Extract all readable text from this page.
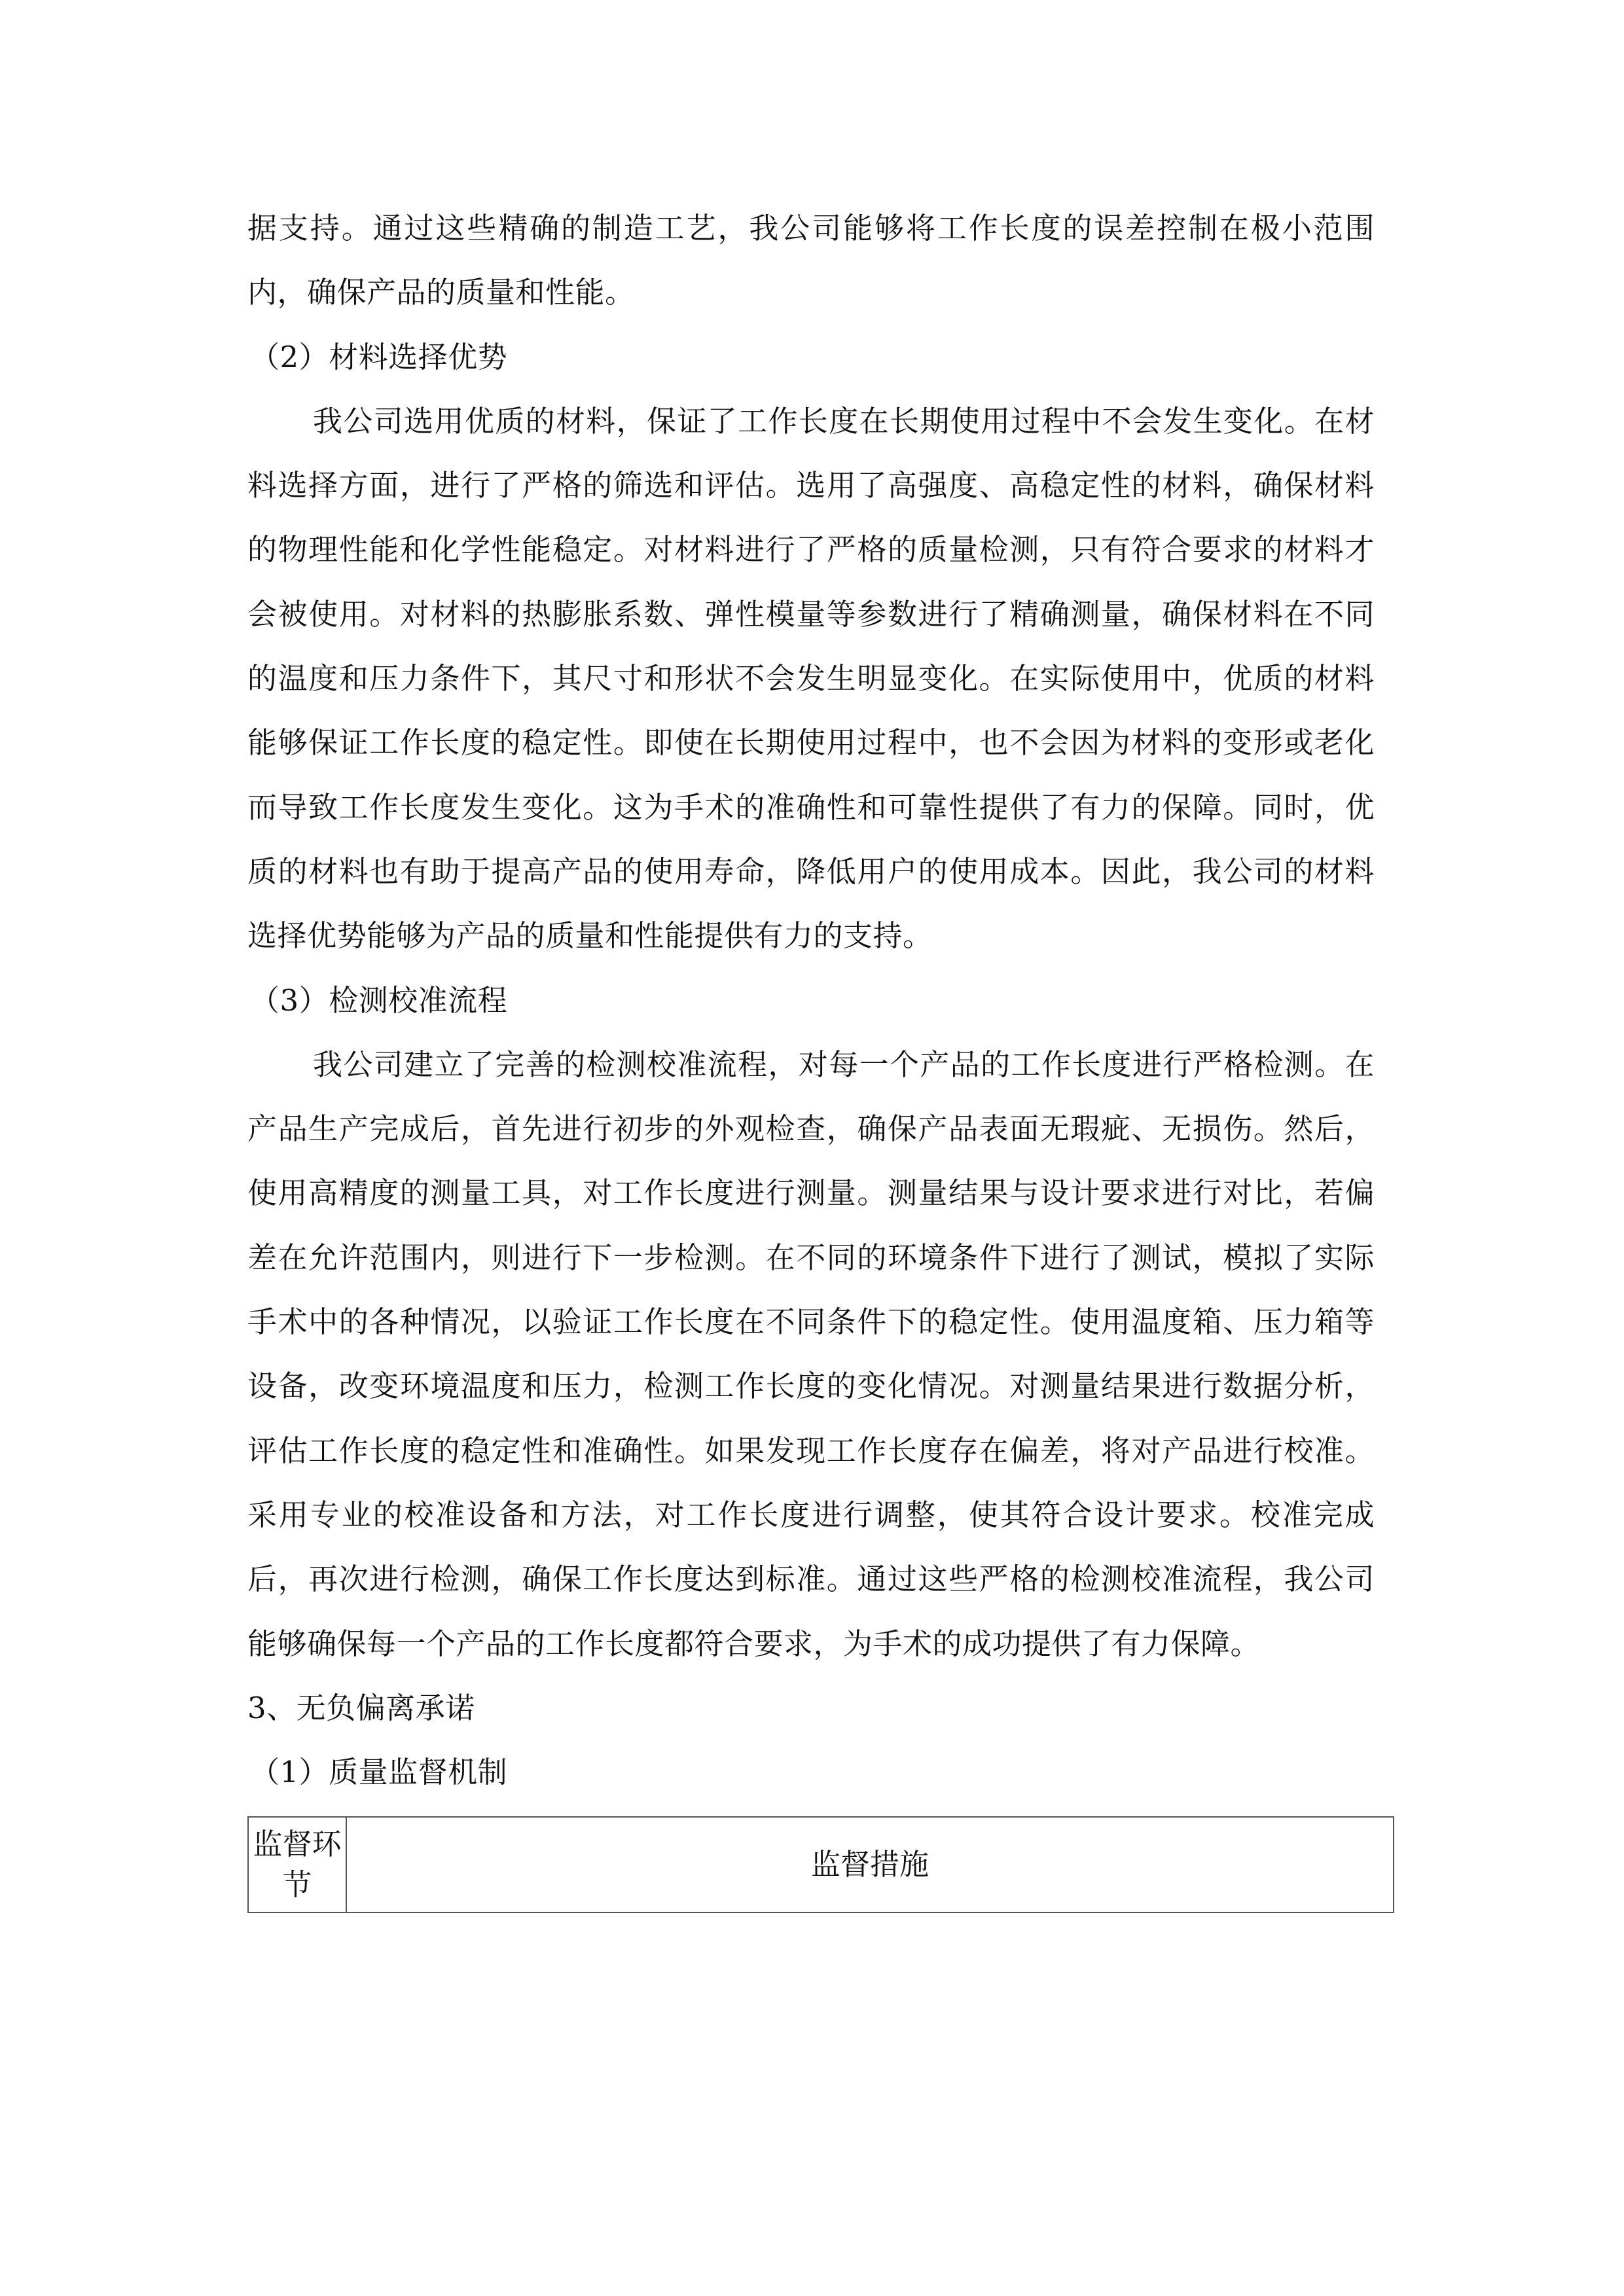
据支持。通过这些精确的制造工艺，我公司能够将工作长度的误差控制在极小范围内，确保产品的质量和性能。

（2）材料选择优势

我公司选用优质的材料，保证了工作长度在长期使用过程中不会发生变化。在材料选择方面，进行了严格的筛选和评估。选用了高强度、高稳定性的材料，确保材料的物理性能和化学性能稳定。对材料进行了严格的质量检测，只有符合要求的材料才会被使用。对材料的热膨胀系数、弹性模量等参数进行了精确测量，确保材料在不同的温度和压力条件下，其尺寸和形状不会发生明显变化。在实际使用中，优质的材料能够保证工作长度的稳定性。即使在长期使用过程中，也不会因为材料的变形或老化而导致工作长度发生变化。这为手术的准确性和可靠性提供了有力的保障。同时，优质的材料也有助于提高产品的使用寿命，降低用户的使用成本。因此，我公司的材料选择优势能够为产品的质量和性能提供有力的支持。

（3）检测校准流程

我公司建立了完善的检测校准流程，对每一个产品的工作长度进行严格检测。在产品生产完成后，首先进行初步的外观检查，确保产品表面无瑕疵、无损伤。然后，使用高精度的测量工具，对工作长度进行测量。测量结果与设计要求进行对比，若偏差在允许范围内，则进行下一步检测。在不同的环境条件下进行了测试，模拟了实际手术中的各种情况，以验证工作长度在不同条件下的稳定性。使用温度箱、压力箱等设备，改变环境温度和压力，检测工作长度的变化情况。对测量结果进行数据分析，评估工作长度的稳定性和准确性。如果发现工作长度存在偏差，将对产品进行校准。采用专业的校准设备和方法，对工作长度进行调整，使其符合设计要求。校准完成后，再次进行检测，确保工作长度达到标准。通过这些严格的检测校准流程，我公司能够确保每一个产品的工作长度都符合要求，为手术的成功提供了有力保障。

3、无负偏离承诺

（1）质量监督机制

监督环节	监督措施
